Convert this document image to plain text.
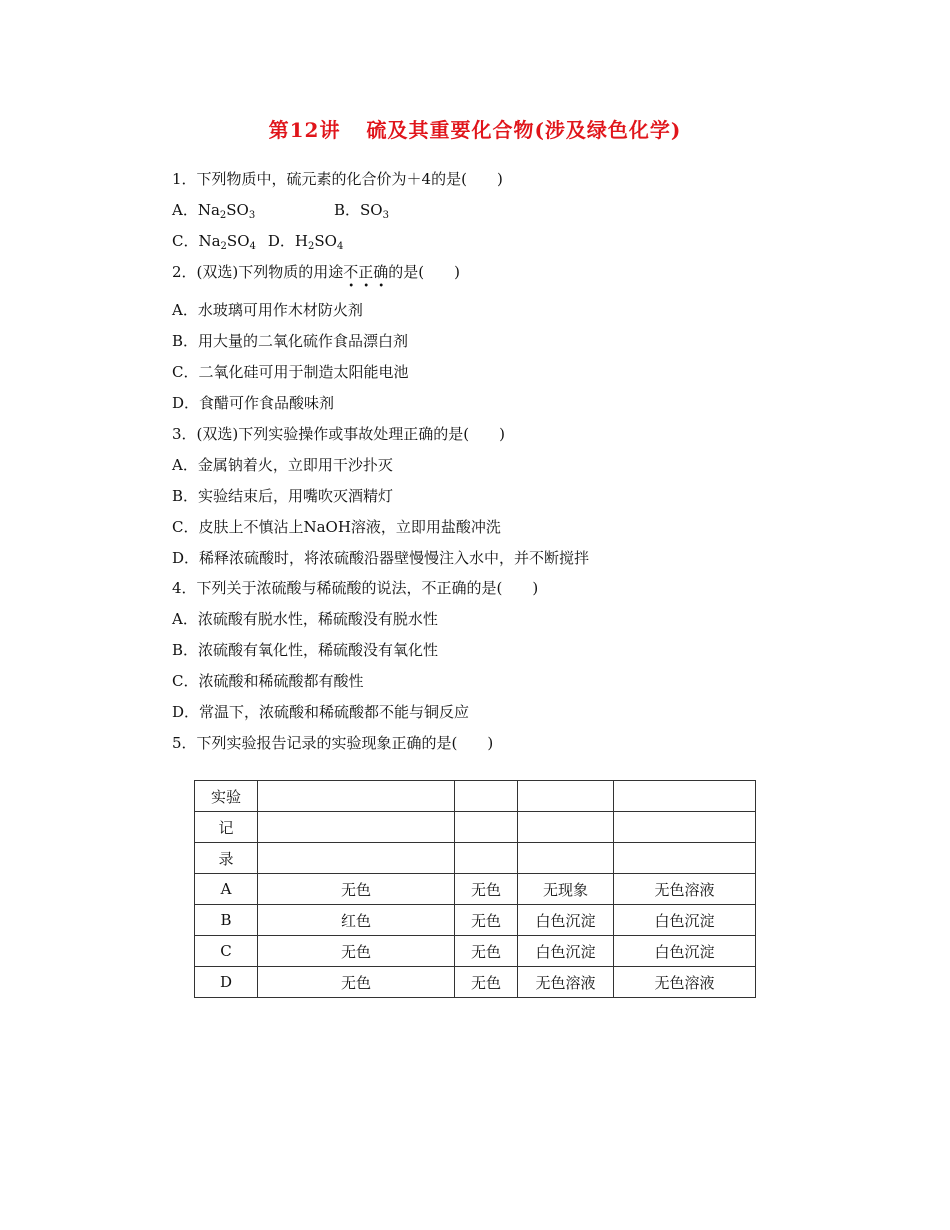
第12讲 硫及其重要化合物(涉及绿色化学)
1．下列物质中，硫元素的化合价为＋4的是(　　)
A．$Na_2SO_3$	B．$SO_3$
C．$Na_2SO_4$ D．$H_2SO_4$
2．(双选)下列物质的用途不正确
• • •
的是(　　)
A．水玻璃可用作木材防火剂
B．用大量的二氧化硫作食品漂白剂
C．二氧化硅可用于制造太阳能电池
D．食醋可作食品酸味剂
3．(双选)下列实验操作或事故处理正确的是(　　)
A．金属钠着火，立即用干沙扑灭
B．实验结束后，用嘴吹灭酒精灯
C．皮肤上不慎沾上NaOH溶液，立即用盐酸冲洗
D．稀释浓硫酸时，将浓硫酸沿器壁慢慢注入水中，并不断搅拌
4．下列关于浓硫酸与稀硫酸的说法，不正确的是(　　)
A．浓硫酸有脱水性，稀硫酸没有脱水性
B．浓硫酸有氧化性，稀硫酸没有氧化性
C．浓硫酸和稀硫酸都有酸性
D．常温下，浓硫酸和稀硫酸都不能与铜反应
5．下列实验报告记录的实验现象正确的是(　　)
实验				
记				
录				
A	无色	无色	无现象	无色溶液
B	红色	无色	白色沉淀	白色沉淀
C	无色	无色	白色沉淀	白色沉淀
D	无色	无色	无色溶液	无色溶液
